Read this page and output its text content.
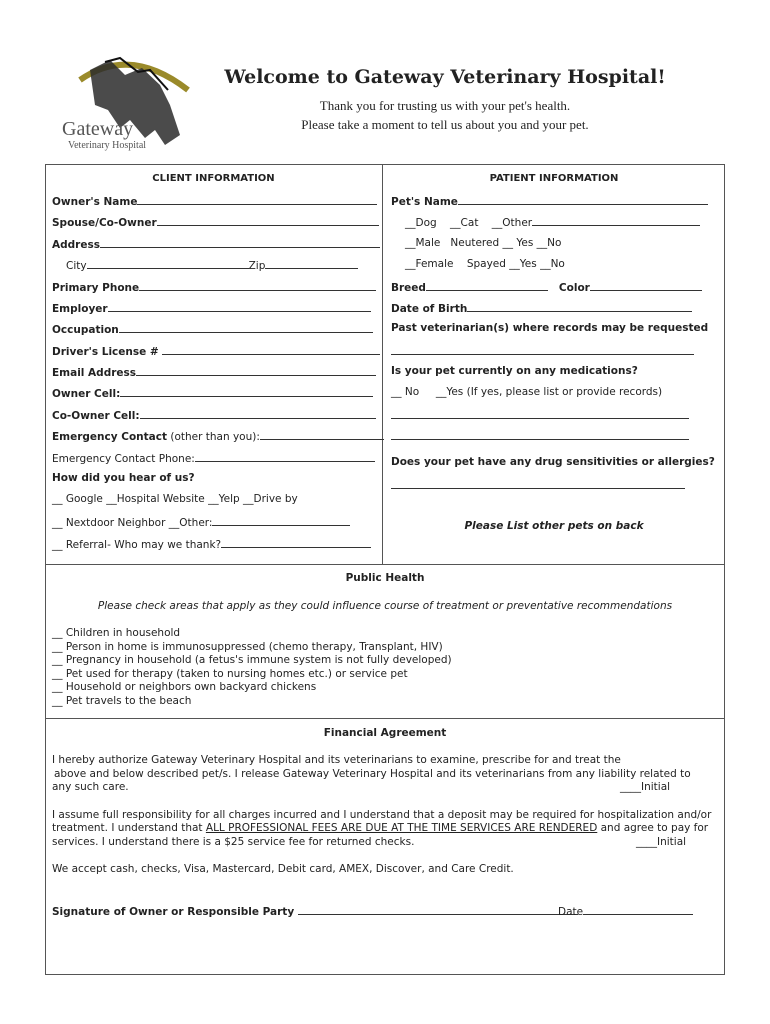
Gateway
Veterinary Hospital
Welcome to Gateway Veterinary Hospital!
Thank you for trusting us with your pet's health.
Please take a moment to tell us about you and your pet.
CLIENT INFORMATION
Owner's Name
Spouse/Co-Owner
Address
City	Zip
Primary Phone
Employer
Occupation
Driver's License #
Email Address
Owner Cell:
Co-Owner Cell:
Emergency Contact (other than you):
Emergency Contact Phone:
How did you hear of us?
__ Google __Hospital Website __Yelp __Drive by
__ Nextdoor Neighbor __Other:
__ Referral- Who may we thank?
PATIENT INFORMATION
Pet's Name
__Dog __Cat __Other
__Male Neutered __ Yes __No
__Female Spayed __Yes __No
Breed	Color
Date of Birth
Past veterinarian(s) where records may be requested
Is your pet currently on any medications?
__ No __Yes (If yes, please list or provide records)
Does your pet have any drug sensitivities or allergies?
Please List other pets on back
Public Health
Please check areas that apply as they could influence course of treatment or preventative recommendations
__ Children in household
__ Person in home is immunosuppressed (chemo therapy, Transplant, HIV)
__ Pregnancy in household (a fetus's immune system is not fully developed)
__ Pet used for therapy (taken to nursing homes etc.) or service pet
__ Household or neighbors own backyard chickens
__ Pet travels to the beach
Financial Agreement
I hereby authorize Gateway Veterinary Hospital and its veterinarians to examine, prescribe for and treat the
above and below described pet/s. I release Gateway Veterinary Hospital and its veterinarians from any liability related to
any such care.	____Initial
I assume full responsibility for all charges incurred and I understand that a deposit may be required for hospitalization and/or
treatment. I understand that ALL PROFESSIONAL FEES ARE DUE AT THE TIME SERVICES ARE RENDERED and agree to pay for
services. I understand there is a $25 service fee for returned checks.	____Initial
We accept cash, checks, Visa, Mastercard, Debit card, AMEX, Discover, and Care Credit.
Signature of Owner or Responsible Party	Date
